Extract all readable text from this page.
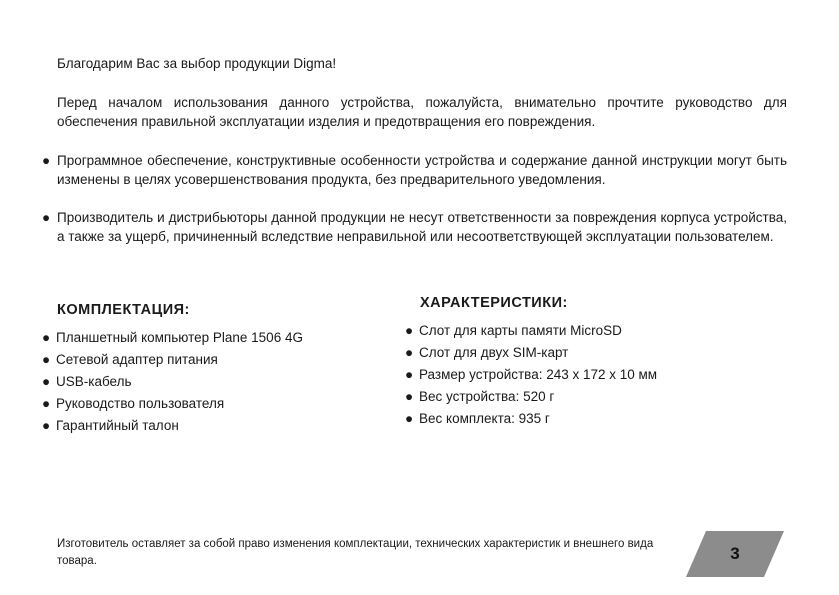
Благодарим Вас за выбор продукции Digma!

Перед началом использования данного устройства, пожалуйста, внимательно прочтите руководство для обеспечения правильной эксплуатации изделия и предотвращения его повреждения.

● Программное обеспечение, конструктивные особенности устройства и содержание данной инструкции могут быть изменены в целях усовершенствования продукта, без предварительного уведомления.
● Производитель и дистрибьюторы данной продукции не несут ответственности за повреждения корпуса устройства, а также за ущерб, причиненный вследствие неправильной или несоответствующей эксплуатации пользователем.
КОМПЛЕКТАЦИЯ:
● Планшетный компьютер Plane 1506 4G
● Сетевой адаптер питания
● USB-кабель
● Руководство пользователя
● Гарантийный талон
ХАРАКТЕРИСТИКИ:
● Слот для карты памяти MicroSD
● Слот для двух SIM-карт
● Размер устройства: 243 x 172 x 10 мм
● Вес устройства: 520 г
● Вес комплекта: 935 г
Изготовитель оставляет за собой право изменения комплектации, технических характеристик и внешнего вида товара.	3
